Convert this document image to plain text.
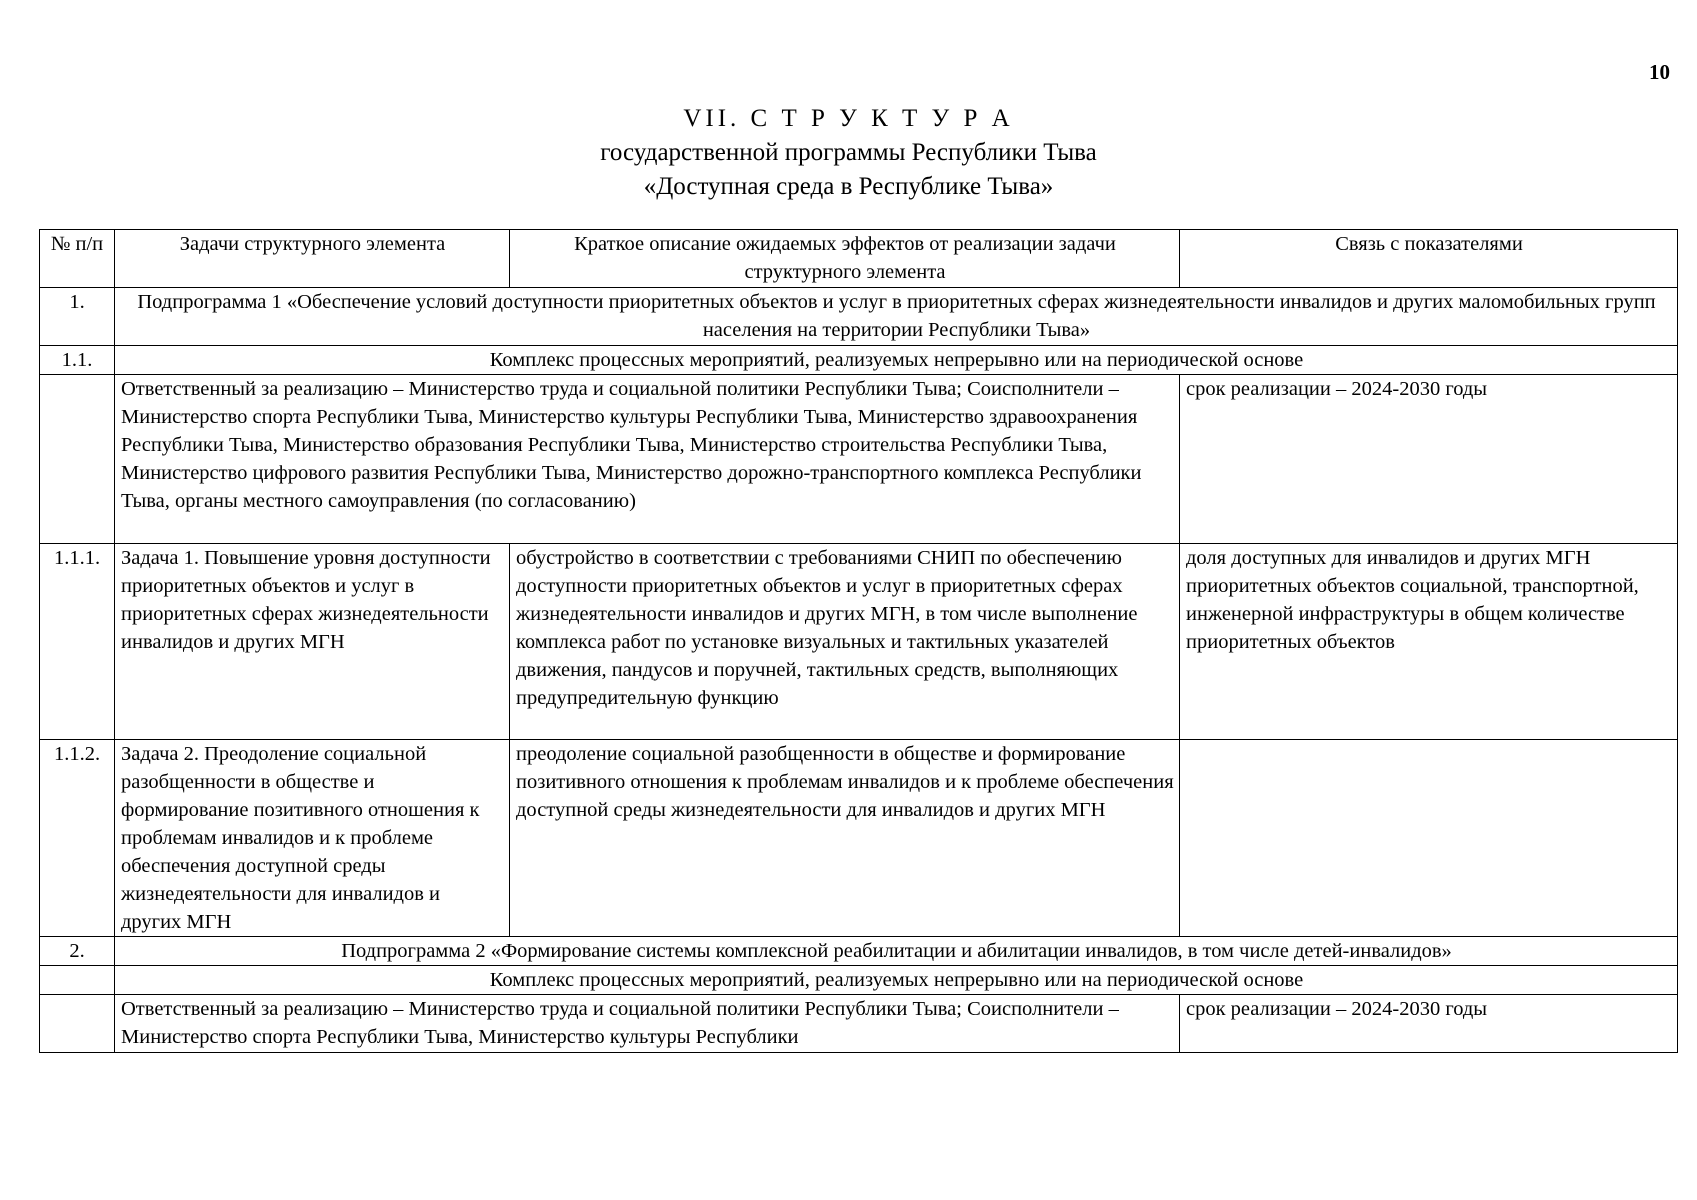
10
VII. С Т Р У К Т У Р А
государственной программы Республики Тыва
«Доступная среда в Республике Тыва»
№ п/п	Задачи структурного элемента	Краткое описание ожидаемых эффектов от реализации задачи структурного элемента	Связь с показателями
1.	Подпрограмма 1 «Обеспечение условий доступности приоритетных объектов и услуг в приоритетных сферах жизнедеятельности инвалидов и других маломобильных групп населения на территории Республики Тыва»		
1.1.	Комплекс процессных мероприятий, реализуемых непрерывно или на периодической основе		
	Ответственный за реализацию – Министерство труда и социальной политики Республики Тыва; Соисполнители – Министерство спорта Республики Тыва, Министерство культуры Республики Тыва, Министерство здравоохранения Республики Тыва, Министерство образования Республики Тыва, Министерство строительства Республики Тыва, Министерство цифрового развития Республики Тыва, Министерство дорожно-транспортного комплекса Республики Тыва, органы местного самоуправления (по согласованию)		срок реализации – 2024-2030 годы
1.1.1.	Задача 1. Повышение уровня доступности приоритетных объектов и услуг в приоритетных сферах жизнедеятельности инвалидов и других МГН	обустройство в соответствии с требованиями СНИП по обеспечению доступности приоритетных объектов и услуг в приоритетных сферах жизнедеятельности инвалидов и других МГН, в том числе выполнение комплекса работ по установке визуальных и тактильных указателей движения, пандусов и поручней, тактильных средств, выполняющих предупредительную функцию	доля доступных для инвалидов и других МГН приоритетных объектов социальной, транспортной, инженерной инфраструктуры в общем количестве приоритетных объектов
1.1.2.	Задача 2. Преодоление социальной разобщенности в обществе и формирование позитивного отношения к проблемам инвалидов и к проблеме обеспечения доступной среды жизнедеятельности для инвалидов и других МГН	преодоление социальной разобщенности в обществе и формирование позитивного отношения к проблемам инвалидов и к проблеме обеспечения доступной среды жизнедеятельности для инвалидов и других МГН	
2.	Подпрограмма 2 «Формирование системы комплексной реабилитации и абилитации инвалидов, в том числе детей-инвалидов»		
	Комплекс процессных мероприятий, реализуемых непрерывно или на периодической основе		
	Ответственный за реализацию – Министерство труда и социальной политики Республики Тыва; Соисполнители – Министерство спорта Республики Тыва, Министерство культуры Республики		срок реализации – 2024-2030 годы
